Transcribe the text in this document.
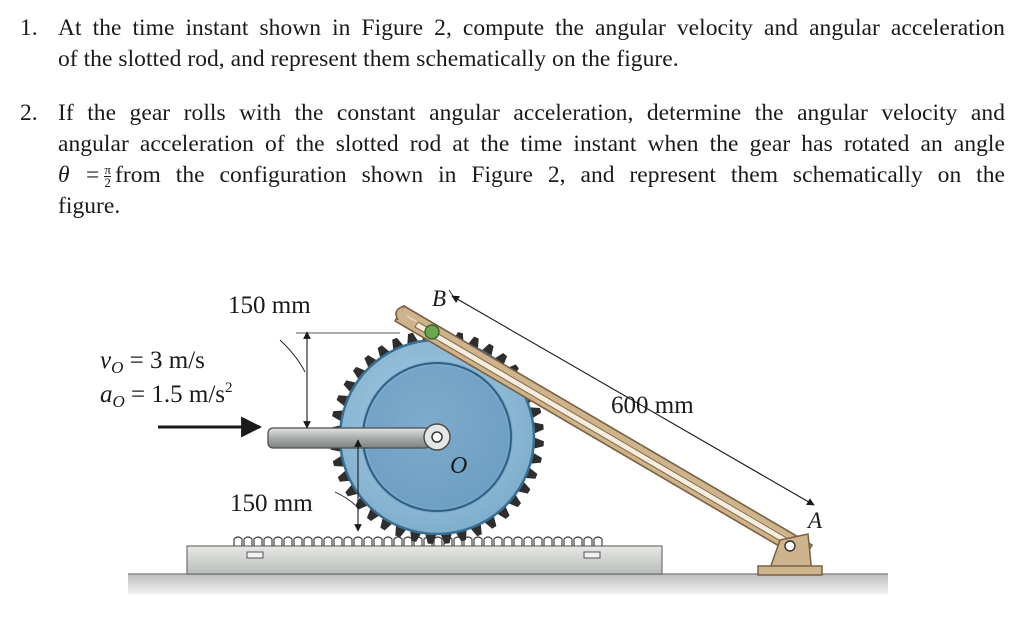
1. At the time instant shown in Figure 2, compute the angular velocity and angular acceleration
of the slotted rod, and represent them schematically on the figure.
2. If the gear rolls with the constant angular acceleration, determine the angular velocity and
angular acceleration of the slotted rod at the time instant when the gear has rotated an angle
$\theta = \frac{\pi}{2}$ from the configuration shown in Figure 2, and represent them schematically on the
figure.
150 mm
150 mm
600 mm
$v_O = 3$ m/s
$a_O = 1.5$ $m/s^2$
B
O
A
